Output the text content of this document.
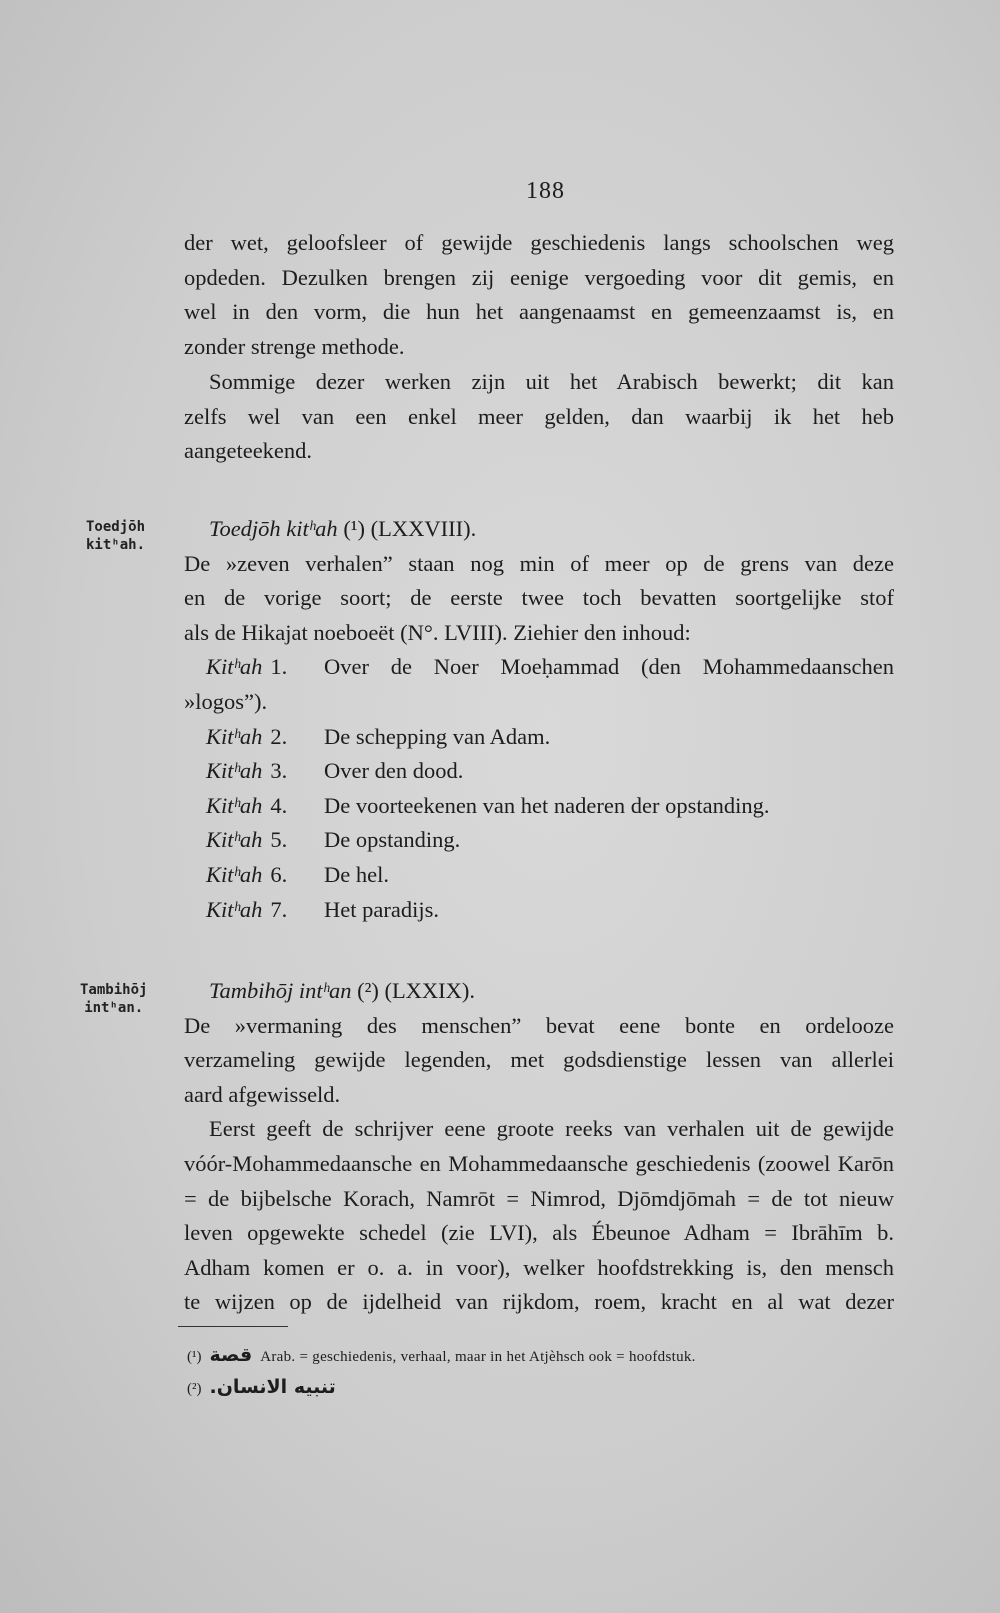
188
der wet, geloofsleer of gewijde geschiedenis langs schoolschen weg
opdeden. Dezulken brengen zij eenige vergoeding voor dit gemis, en
wel in den vorm, die hun het aangenaamst en gemeenzaamst is, en
zonder strenge methode.
Sommige dezer werken zijn uit het Arabisch bewerkt; dit kan
zelfs wel van een enkel meer gelden, dan waarbij ik het heb
aangeteekend.
Toedjōh
kitʰah.
Toedjōh kitʰah (¹) (LXXVIII).
De »zeven verhalen” staan nog min of meer op de grens van deze
en de vorige soort; de eerste twee toch bevatten soortgelijke stof
als de Hikajat noeboeët (N°. LVIII). Ziehier den inhoud:
Kitʰah 1.	Over de Noer Moeḥammad (den Mohammedaanschen
»logos”).
Kitʰah 2.	De schepping van Adam.
Kitʰah 3.	Over den dood.
Kitʰah 4.	De voorteekenen van het naderen der opstanding.
Kitʰah 5.	De opstanding.
Kitʰah 6.	De hel.
Kitʰah 7.	Het paradijs.
Tambihōj
intʰan.
Tambihōj intʰan (²) (LXXIX).
De »vermaning des menschen” bevat eene bonte en ordelooze
verzameling gewijde legenden, met godsdienstige lessen van allerlei
aard afgewisseld.
Eerst geeft de schrijver eene groote reeks van verhalen uit de gewijde
vóór-Mohammedaansche en Mohammedaansche geschiedenis (zoowel Karōn
= de bijbelsche Korach, Namrōt = Nimrod, Djōmdjōmah = de tot nieuw
leven opgewekte schedel (zie LVI), als Ébeunoe Adham = Ibrāhīm b.
Adham komen er o. a. in voor), welker hoofdstrekking is, den mensch
te wijzen op de ijdelheid van rijkdom, roem, kracht en al wat dezer
(¹) قصة Arab. = geschiedenis, verhaal, maar in het Atjèhsch ook = hoofdstuk.
(²) تنبيه الانسان.
